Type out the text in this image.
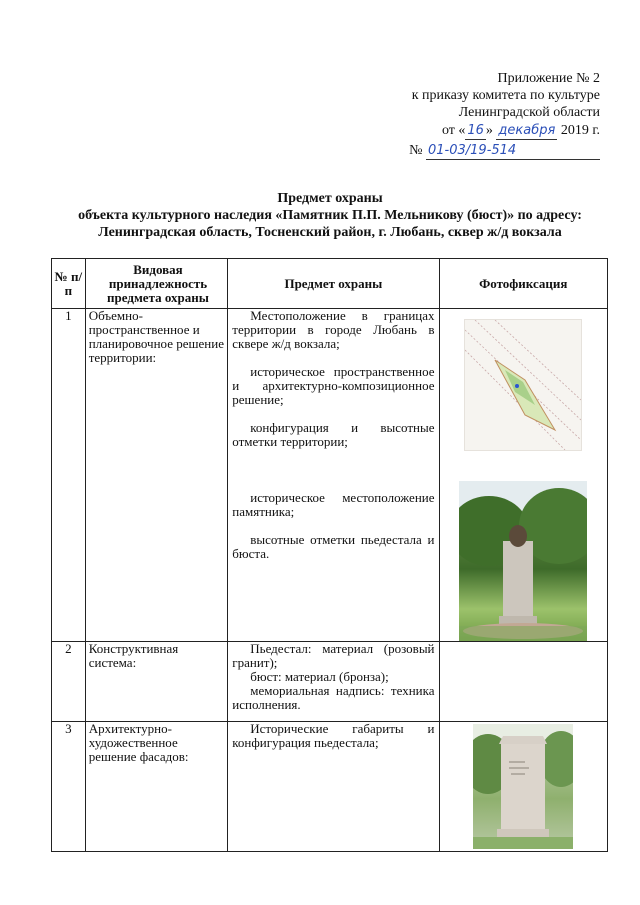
Приложение № 2
к приказу комитета по культуре
Ленинградской области
от « 16 » декабря 2019 г.
№ 01-03/19-514
Предмет охраны
объекта культурного наследия «Памятник П.П. Мельникову (бюст)» по адресу:
Ленинградская область, Тосненский район, г. Любань, сквер ж/д вокзала
№ п/п	Видовая принадлежность предмета охраны	Предмет охраны	Фотофиксация
1	Объемно-пространственное и планировочное решение территории:	Местоположение в границах территории в городе Любань в сквере ж/д вокзала;
историческое пространственное и архитектурно-композиционное решение;
конфигурация и высотные отметки территории;
историческое местоположение памятника;
высотные отметки пьедестала и бюста.

2	Конструктивная система:	Пьедестал: материал (розовый гранит);
бюст: материал (бронза);
мемориальная надпись: техника исполнения.	

3	Архитектурно-художественное решение фасадов:	Исторические габариты и конфигурация пьедестала;
